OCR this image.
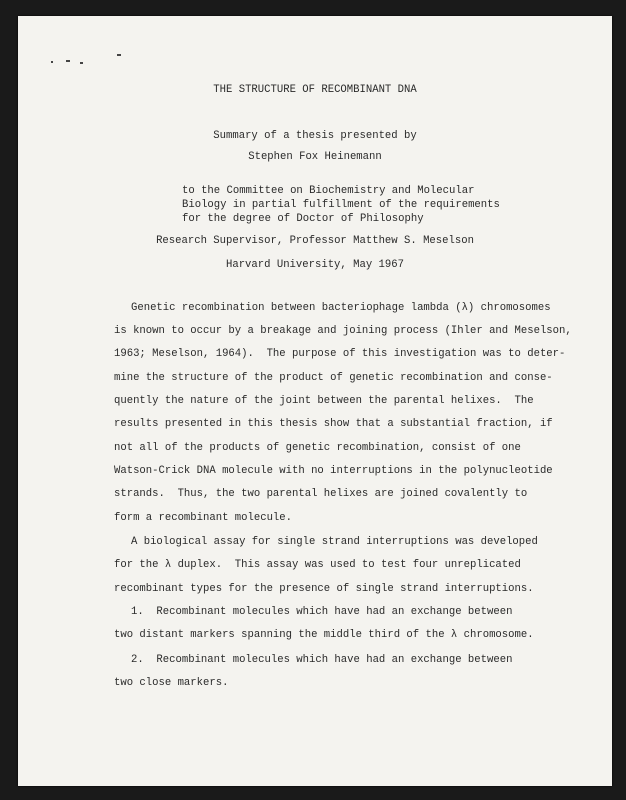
THE STRUCTURE OF RECOMBINANT DNA
Summary of a thesis presented by
Stephen Fox Heinemann
to the Committee on Biochemistry and Molecular
Biology in partial fulfillment of the requirements
for the degree of Doctor of Philosophy
Research Supervisor, Professor Matthew S. Meselson
Harvard University, May 1967
Genetic recombination between bacteriophage lambda (λ) chromosomes
is known to occur by a breakage and joining process (Ihler and Meselson,
1963; Meselson, 1964).  The purpose of this investigation was to deter-
mine the structure of the product of genetic recombination and conse-
quently the nature of the joint between the parental helixes.  The
results presented in this thesis show that a substantial fraction, if
not all of the products of genetic recombination, consist of one
Watson-Crick DNA molecule with no interruptions in the polynucleotide
strands.  Thus, the two parental helixes are joined covalently to
form a recombinant molecule.
A biological assay for single strand interruptions was developed
for the λ duplex.  This assay was used to test four unreplicated
recombinant types for the presence of single strand interruptions.
1.  Recombinant molecules which have had an exchange between
two distant markers spanning the middle third of the λ chromosome.
2.  Recombinant molecules which have had an exchange between
two close markers.
